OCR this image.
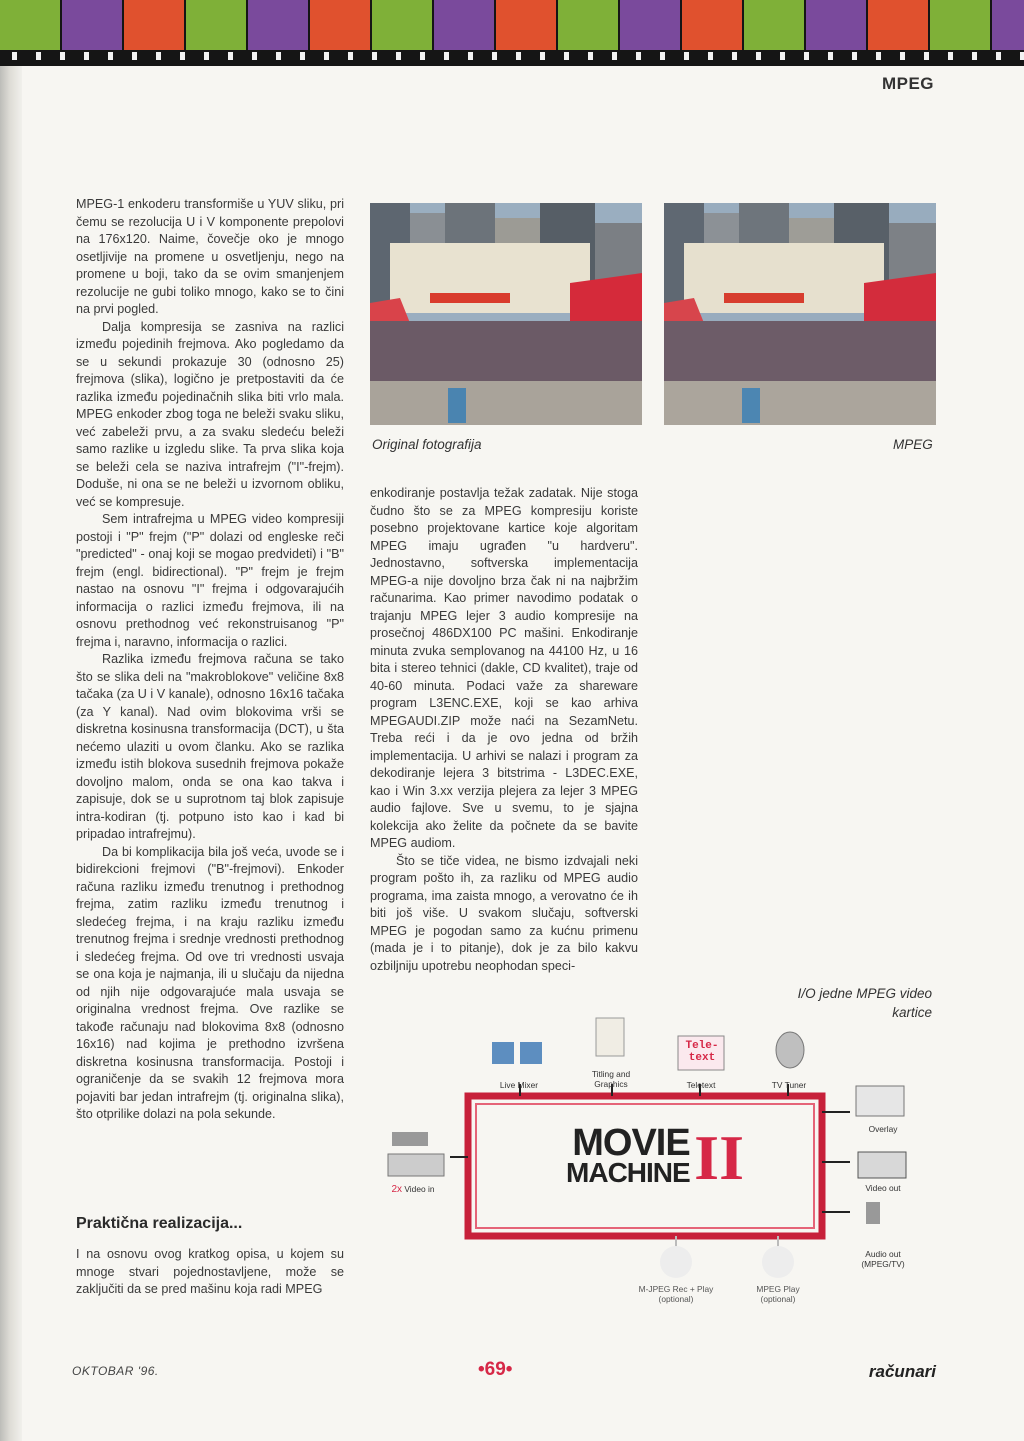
MPEG

MPEG-1 enkoderu transformiše u YUV sliku, pri čemu se rezolucija U i V komponente prepolovi na 176x120. Naime, čovečje oko je mnogo osetljivije na promene u osvetljenju, nego na promene u boji, tako da se ovim smanjenjem rezolucije ne gubi toliko mnogo, kako se to čini na prvi pogled.

Dalja kompresija se zasniva na razlici između pojedinih frejmova. Ako pogledamo da se u sekundi prokazuje 30 (odnosno 25) frejmova (slika), logično je pretpostaviti da će razlika između pojedinačnih slika biti vrlo mala. MPEG enkoder zbog toga ne beleži svaku sliku, već zabeleži prvu, a za svaku sledeću beleži samo razlike u izgledu slike. Ta prva slika koja se beleži cela se naziva intrafrejm ("I"-frejm). Doduše, ni ona se ne beleži u izvornom obliku, već se kompresuje.

Sem intrafrejma u MPEG video kompresiji postoji i "P" frejm ("P" dolazi od engleske reči "predicted" - onaj koji se mogao predvideti) i "B" frejm (engl. bidirectional). "P" frejm je frejm nastao na osnovu "I" frejma i odgovarajućih informacija o razlici između frejmova, ili na osnovu prethodnog već rekonstruisanog "P" frejma i, naravno, informacija o razlici.

Razlika između frejmova računa se tako što se slika deli na "makroblokove" veličine 8x8 tačaka (za U i V kanale), odnosno 16x16 tačaka (za Y kanal). Nad ovim blokovima vrši se diskretna kosinusna transformacija (DCT), u šta nećemo ulaziti u ovom članku. Ako se razlika između istih blokova susednih frejmova pokaže dovoljno malom, onda se ona kao takva i zapisuje, dok se u suprotnom taj blok zapisuje intra-kodiran (tj. potpuno isto kao i kad bi pripadao intrafrejmu).

Da bi komplikacija bila još veća, uvode se i bidirekcioni frejmovi ("B"-frejmovi). Enkoder računa razliku između trenutnog i prethodnog frejma, zatim razliku između trenutnog i sledećeg frejma, i na kraju razliku između trenutnog frejma i srednje vrednosti prethodnog i sledećeg frejma. Od ove tri vrednosti usvaja se ona koja je najmanja, ili u slučaju da nijedna od njih nije odgovarajuće mala usvaja se originalna vrednost frejma. Ove razlike se takođe računaju nad blokovima 8x8 (odnosno 16x16) nad kojima je prethodno izvršena diskretna kosinusna transformacija. Postoji i ograničenje da se svakih 12 frejmova mora pojaviti bar jedan intrafrejm (tj. originalna slika), što otprilike dolazi na pola sekunde.

Praktična realizacija...

I na osnovu ovog kratkog opisa, u kojem su mnoge stvari pojednostavljene, može se zaključiti da se pred mašinu koja radi MPEG

Original fotografija	MPEG

enkodiranje postavlja težak zadatak. Nije stoga čudno što se za MPEG kompresiju koriste posebno projektovane kartice koje algoritam MPEG imaju ugrađen "u hardveru". Jednostavno, softverska implementacija MPEG-a nije dovoljno brza čak ni na najbržim računarima. Kao primer navodimo podatak o trajanju MPEG lejer 3 audio kompresije na prosečnoj 486DX100 PC mašini. Enkodiranje minuta zvuka semplovanog na 44100 Hz, u 16 bita i stereo tehnici (dakle, CD kvalitet), traje od 40-60 minuta. Podaci važe za shareware program L3ENC.EXE, koji se kao arhiva MPEGAUDI.ZIP može naći na SezamNetu. Treba reći i da je ovo jedna od bržih implementacija. U arhivi se nalazi i program za dekodiranje lejera 3 bitstrima - L3DEC.EXE, kao i Win 3.xx verzija plejera za lejer 3 MPEG audio fajlove. Sve u svemu, to je sjajna kolekcija ako želite da počnete da se bavite MPEG audiom.

Što se tiče videa, ne bismo izdvajali neki program pošto ih, za razliku od MPEG audio programa, ima zaista mnogo, a verovatno će ih biti još više. U svakom slučaju, softverski MPEG je pogodan samo za kućnu primenu (mada je i to pitanje), dok je za bilo kakvu ozbiljniju upotrebu neophodan speci-

I/O jedne MPEG video kartice
MOVIE
MACHINE II
Tele-
text
Live Mixer
Titling and
Graphics	Teletext	TV Tuner
Overlay
Video out
Audio out
(MPEG/TV)
2x Video in
M-JPEG Rec + Play
(optional)
MPEG Play
(optional)
OKTOBAR '96.	•69•	računari
